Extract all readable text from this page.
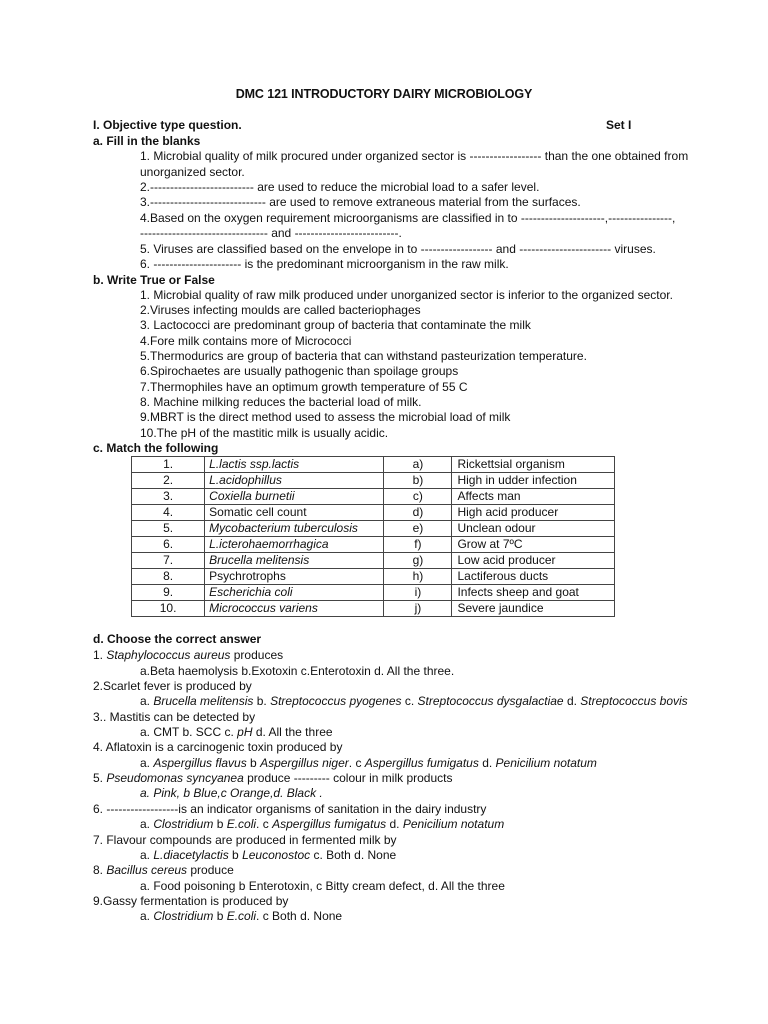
DMC 121 INTRODUCTORY DAIRY MICROBIOLOGY
I. Objective type question.	Set I
a. Fill in the blanks
1. Microbial quality of milk procured under organized sector is ------------------ than the one obtained from
unorganized sector.
2.-------------------------- are used to reduce the microbial load to a safer level.
3.----------------------------- are used to remove extraneous material from the surfaces.
4.Based on the oxygen requirement microorganisms are classified in to ---------------------,----------------,
-------------------------------- and --------------------------.
5. Viruses are classified based on the envelope in to ------------------ and ----------------------- viruses.
6. ---------------------- is the predominant microorganism in the raw milk.
b. Write True or False
1. Microbial quality of raw milk produced under unorganized sector is inferior to the organized sector.
2.Viruses infecting moulds are called bacteriophages
3. Lactococci are predominant group of bacteria that contaminate the milk
4.Fore milk contains more of Micrococci
5.Thermodurics are group of bacteria that can withstand pasteurization temperature.
6.Spirochaetes are usually pathogenic than spoilage groups
7.Thermophiles have an optimum growth temperature of 55 C
8. Machine milking reduces the bacterial load of milk.
9.MBRT is the direct method used to assess the microbial load of milk
10.The pH of the mastitic milk is usually acidic.
c. Match the following
1.	L.lactis ssp.lactis	a)	Rickettsial organism
2.	L.acidophillus	b)	High in udder infection
3.	Coxiella burnetii	c)	Affects man
4.	Somatic cell count	d)	High acid producer
5.	Mycobacterium tuberculosis	e)	Unclean odour
6.	L.icterohaemorrhagica	f)	Grow at 7ºC
7.	Brucella melitensis	g)	Low acid producer
8.	Psychrotrophs	h)	Lactiferous ducts
9.	Escherichia coli	i)	Infects sheep and goat
10.	Micrococcus variens	j)	Severe jaundice
d. Choose the correct answer
1. Staphylococcus aureus produces
a.Beta haemolysis b.Exotoxin c.Enterotoxin d. All the three.
2.Scarlet fever is produced by
a. Brucella melitensis b. Streptococcus pyogenes c. Streptococcus dysgalactiae d. Streptococcus bovis
3.. Mastitis can be detected by
a. CMT b. SCC c. pH d. All the three
4. Aflatoxin is a carcinogenic toxin produced by
a. Aspergillus flavus b Aspergillus niger. c Aspergillus fumigatus d. Penicilium notatum
5. Pseudomonas syncyanea produce --------- colour in milk products
a. Pink, b Blue,c Orange,d. Black .
6. ------------------is an indicator organisms of sanitation in the dairy industry
a. Clostridium b E.coli. c Aspergillus fumigatus d. Penicilium notatum
7. Flavour compounds are produced in fermented milk by
a. L.diacetylactis b Leuconostoc c. Both d. None
8. Bacillus cereus produce
a. Food poisoning b Enterotoxin, c Bitty cream defect, d. All the three
9.Gassy fermentation is produced by
a. Clostridium b E.coli. c Both d. None
